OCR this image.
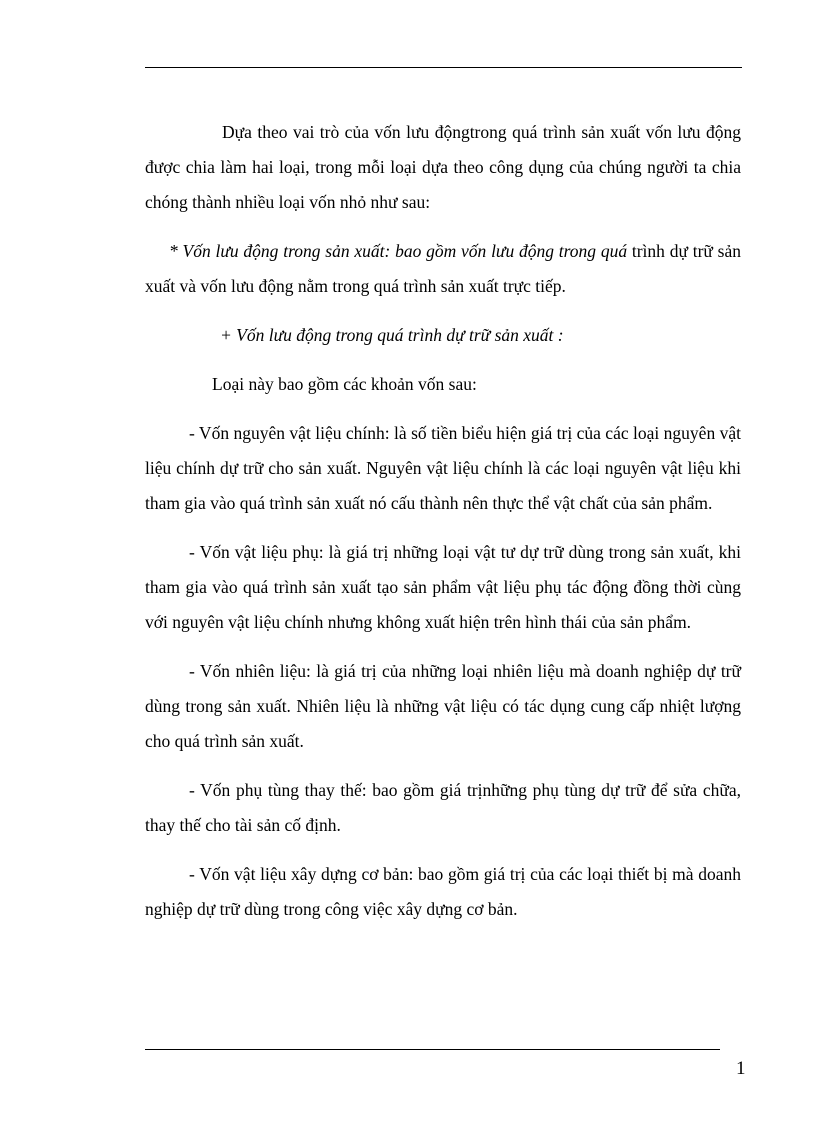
Dựa theo vai trò của vốn lưu độngtrong quá trình sản xuất vốn lưu động được chia làm hai loại, trong mỗi loại dựa theo công dụng của chúng người ta chia chóng thành nhiều loại vốn nhỏ như sau:

* Vốn lưu động trong sản xuất: bao gồm vốn lưu động trong quá trình dự trữ sản xuất và vốn lưu động nằm trong quá trình sản xuất trực tiếp.

+ Vốn lưu động trong quá trình dự trữ sản xuất :

Loại này bao gồm các khoản vốn sau:

- Vốn nguyên vật liệu chính: là số tiền biểu hiện giá trị của các loại nguyên vật liệu chính dự trữ cho sản xuất. Nguyên vật liệu chính là các loại nguyên vật liệu khi tham gia vào quá trình sản xuất nó cấu thành nên thực thể vật chất của sản phẩm.

- Vốn vật liệu phụ: là giá trị những loại vật tư dự trữ dùng trong sản xuất, khi tham gia vào quá trình sản xuất tạo sản phẩm vật liệu phụ tác động đồng thời cùng với nguyên vật liệu chính nhưng không xuất hiện trên hình thái của sản phẩm.

- Vốn nhiên liệu: là giá trị của những loại nhiên liệu mà doanh nghiệp dự trữ dùng trong sản xuất. Nhiên liệu là những vật liệu có tác dụng cung cấp nhiệt lượng cho quá trình sản xuất.

- Vốn phụ tùng thay thế: bao gồm giá trịnhững phụ tùng dự trữ để sửa chữa, thay thế cho tài sản cố định.

- Vốn vật liệu xây dựng cơ bản: bao gồm giá trị của các loại thiết bị mà doanh nghiệp dự trữ dùng trong công việc xây dựng cơ bản.

1
